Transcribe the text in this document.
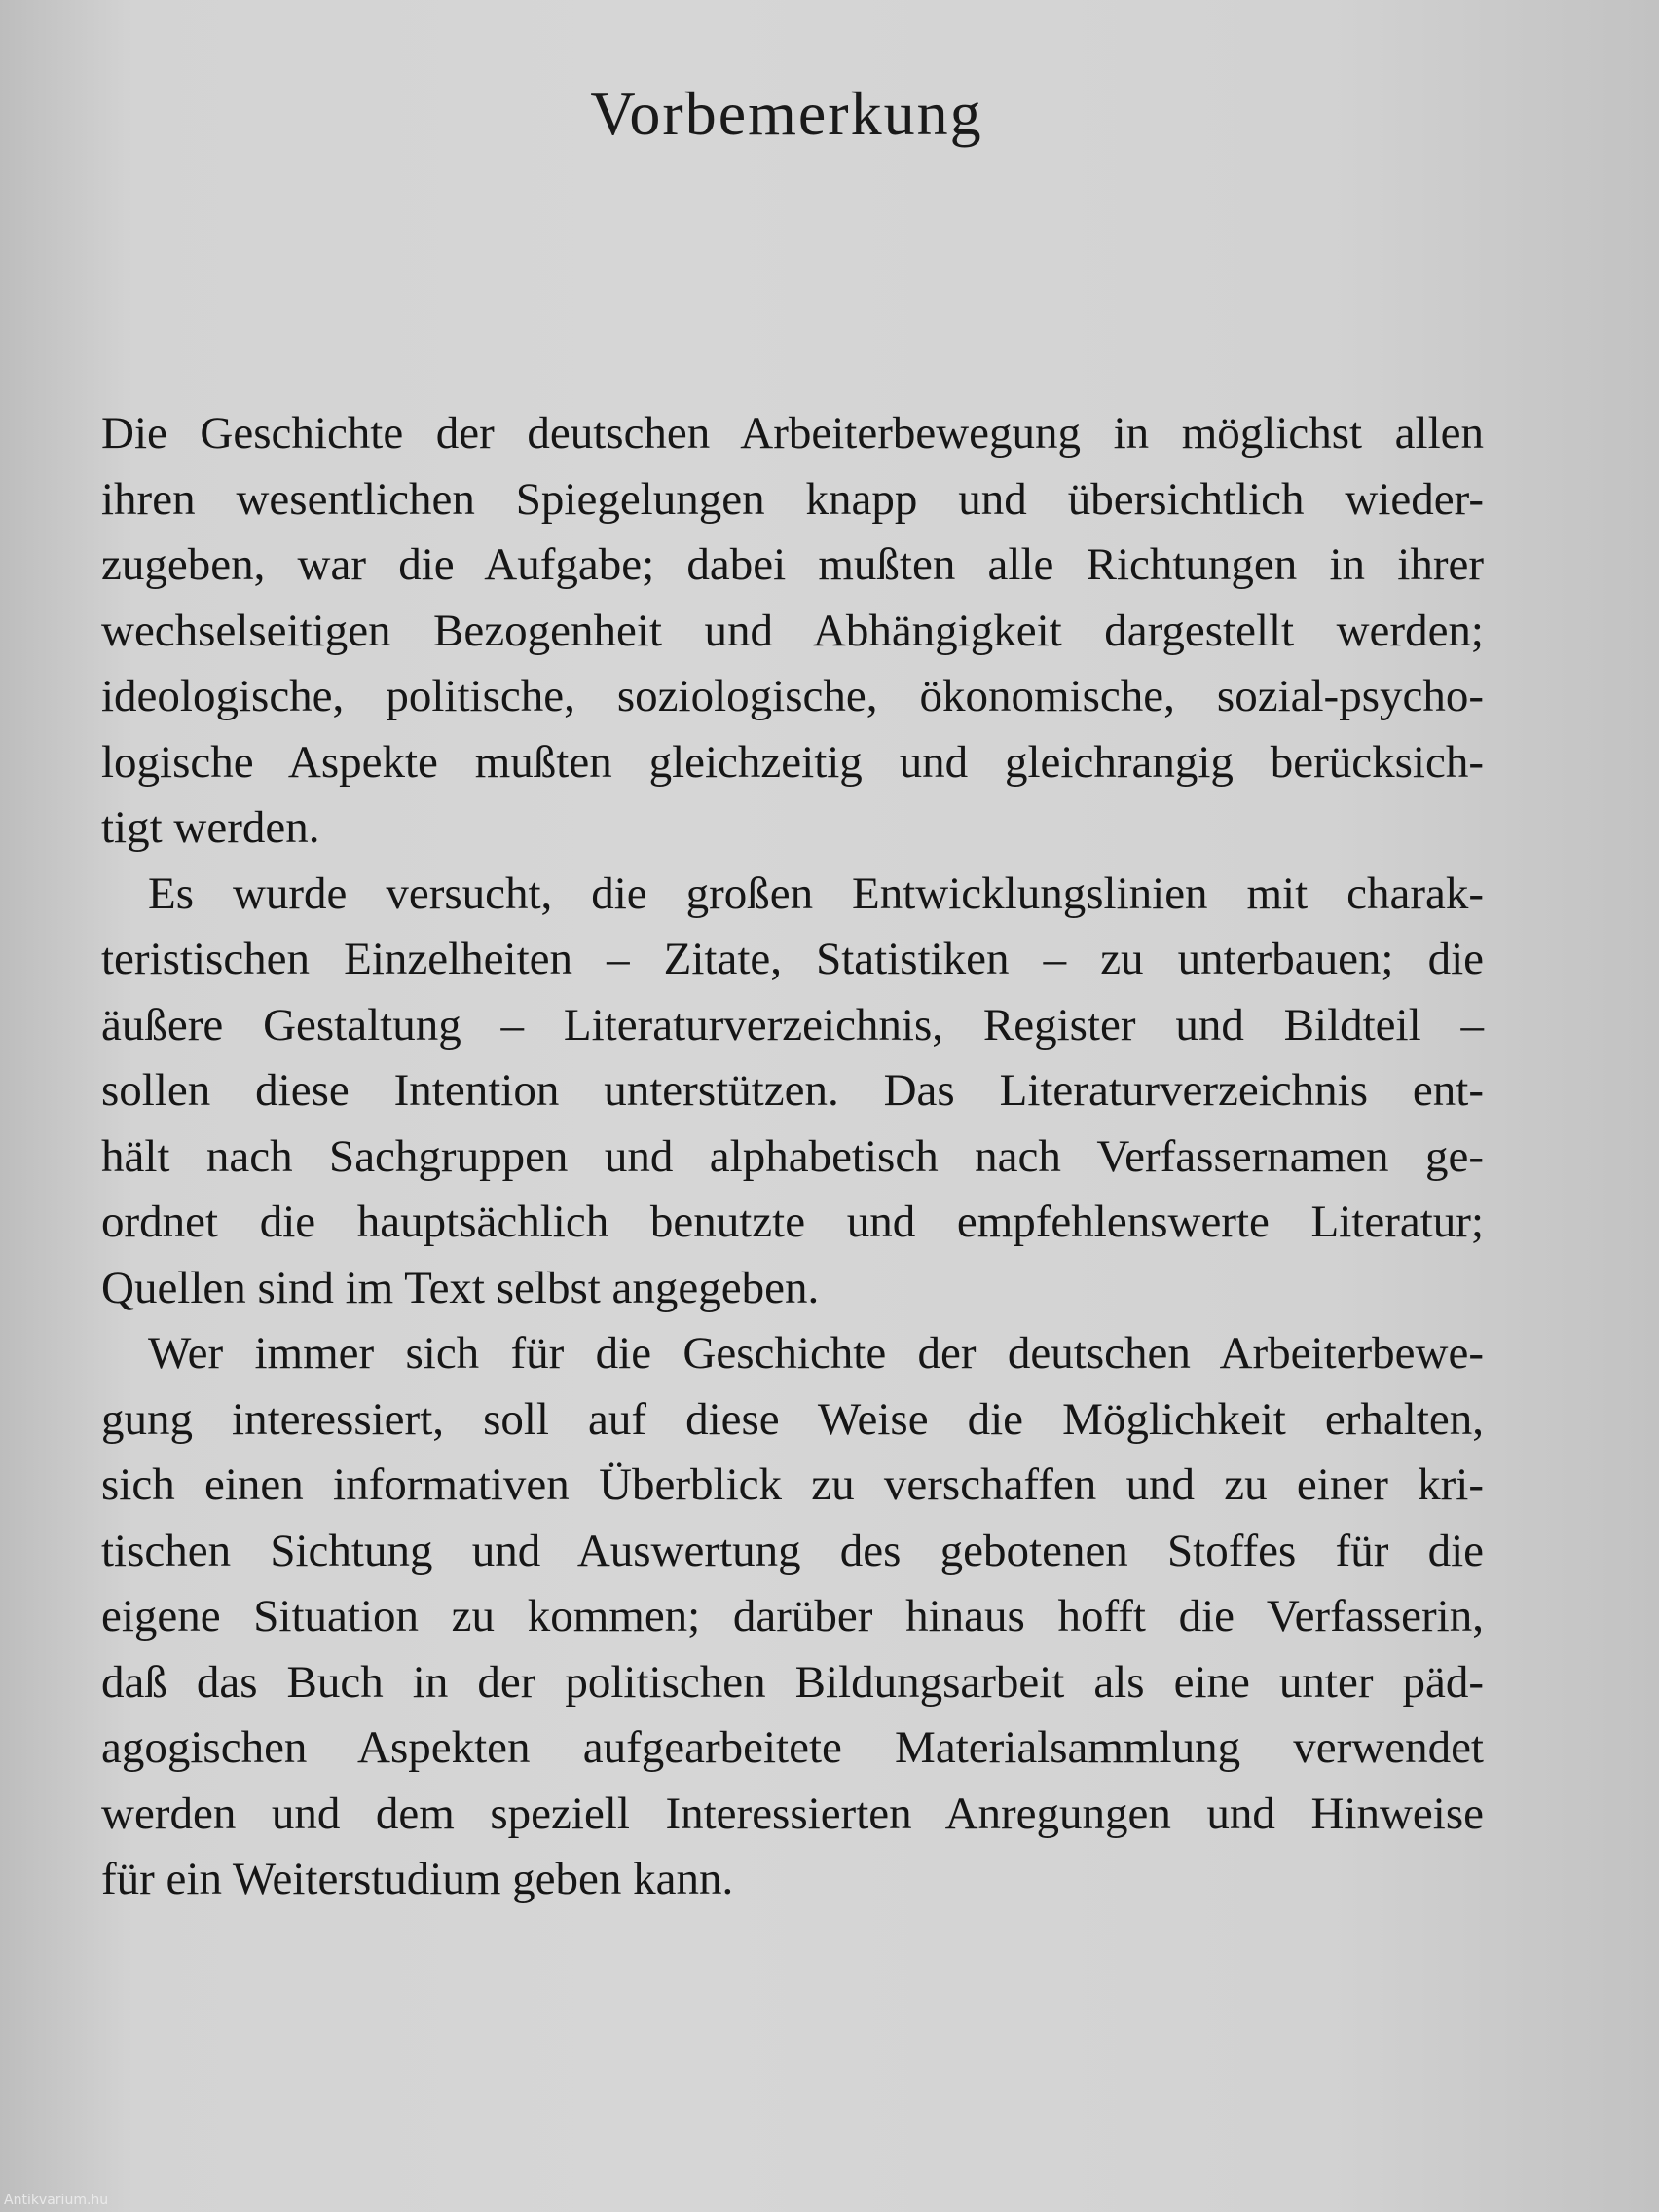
Vorbemerkung
Die Geschichte der deutschen Arbeiterbewegung in möglichst allen
ihren wesentlichen Spiegelungen knapp und übersichtlich wieder-
zugeben, war die Aufgabe; dabei mußten alle Richtungen in ihrer
wechselseitigen Bezogenheit und Abhängigkeit dargestellt werden;
ideologische, politische, soziologische, ökonomische, sozial-psycho-
logische Aspekte mußten gleichzeitig und gleichrangig berücksich-
tigt werden.
Es wurde versucht, die großen Entwicklungslinien mit charak-
teristischen Einzelheiten – Zitate, Statistiken – zu unterbauen; die
äußere Gestaltung – Literaturverzeichnis, Register und Bildteil –
sollen diese Intention unterstützen. Das Literaturverzeichnis ent-
hält nach Sachgruppen und alphabetisch nach Verfassernamen ge-
ordnet die hauptsächlich benutzte und empfehlenswerte Literatur;
Quellen sind im Text selbst angegeben.
Wer immer sich für die Geschichte der deutschen Arbeiterbewe-
gung interessiert, soll auf diese Weise die Möglichkeit erhalten,
sich einen informativen Überblick zu verschaffen und zu einer kri-
tischen Sichtung und Auswertung des gebotenen Stoffes für die
eigene Situation zu kommen; darüber hinaus hofft die Verfasserin,
daß das Buch in der politischen Bildungsarbeit als eine unter päd-
agogischen Aspekten aufgearbeitete Materialsammlung verwendet
werden und dem speziell Interessierten Anregungen und Hinweise
für ein Weiterstudium geben kann.
Antikvarium.hu
